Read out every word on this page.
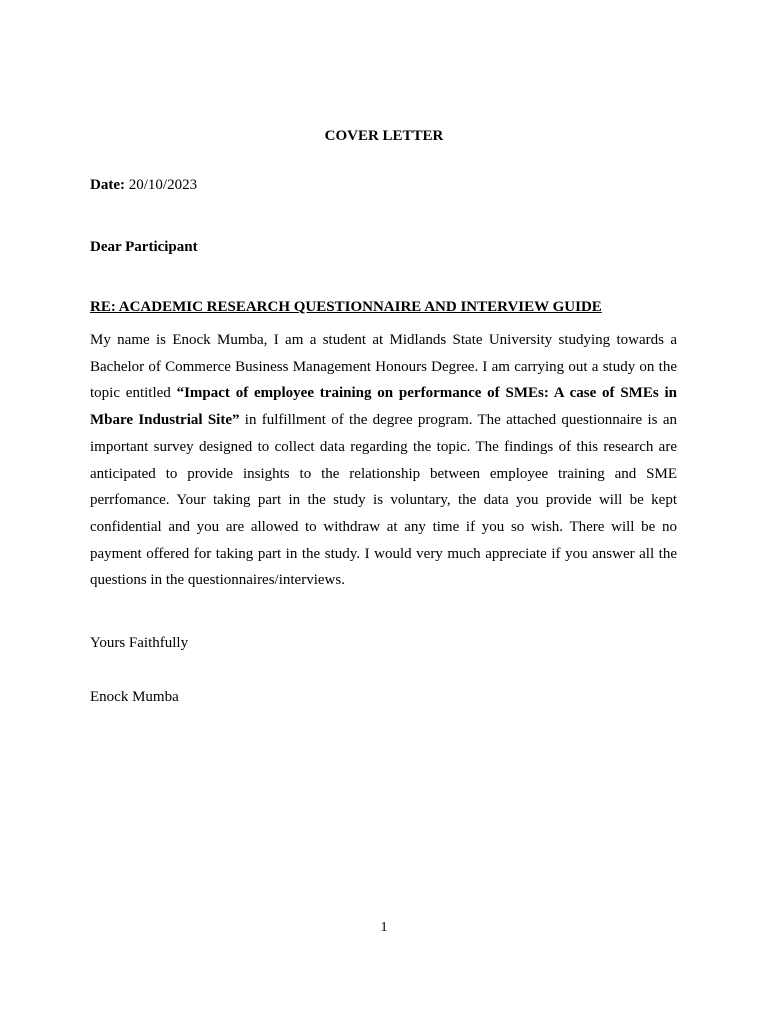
COVER LETTER
Date: 20/10/2023
Dear Participant
RE: ACADEMIC RESEARCH QUESTIONNAIRE AND INTERVIEW GUIDE

My name is Enock Mumba, I am a student at Midlands State University studying towards a Bachelor of Commerce Business Management Honours Degree. I am carrying out a study on the topic entitled “Impact of employee training on performance of SMEs: A case of SMEs in Mbare Industrial Site” in fulfillment of the degree program. The attached questionnaire is an important survey designed to collect data regarding the topic. The findings of this research are anticipated to provide insights to the relationship between employee training and SME perrfomance. Your taking part in the study is voluntary, the data you provide will be kept confidential and you are allowed to withdraw at any time if you so wish. There will be no payment offered for taking part in the study. I would very much appreciate if you answer all the questions in the questionnaires/interviews.

Yours Faithfully
Enock Mumba
1
